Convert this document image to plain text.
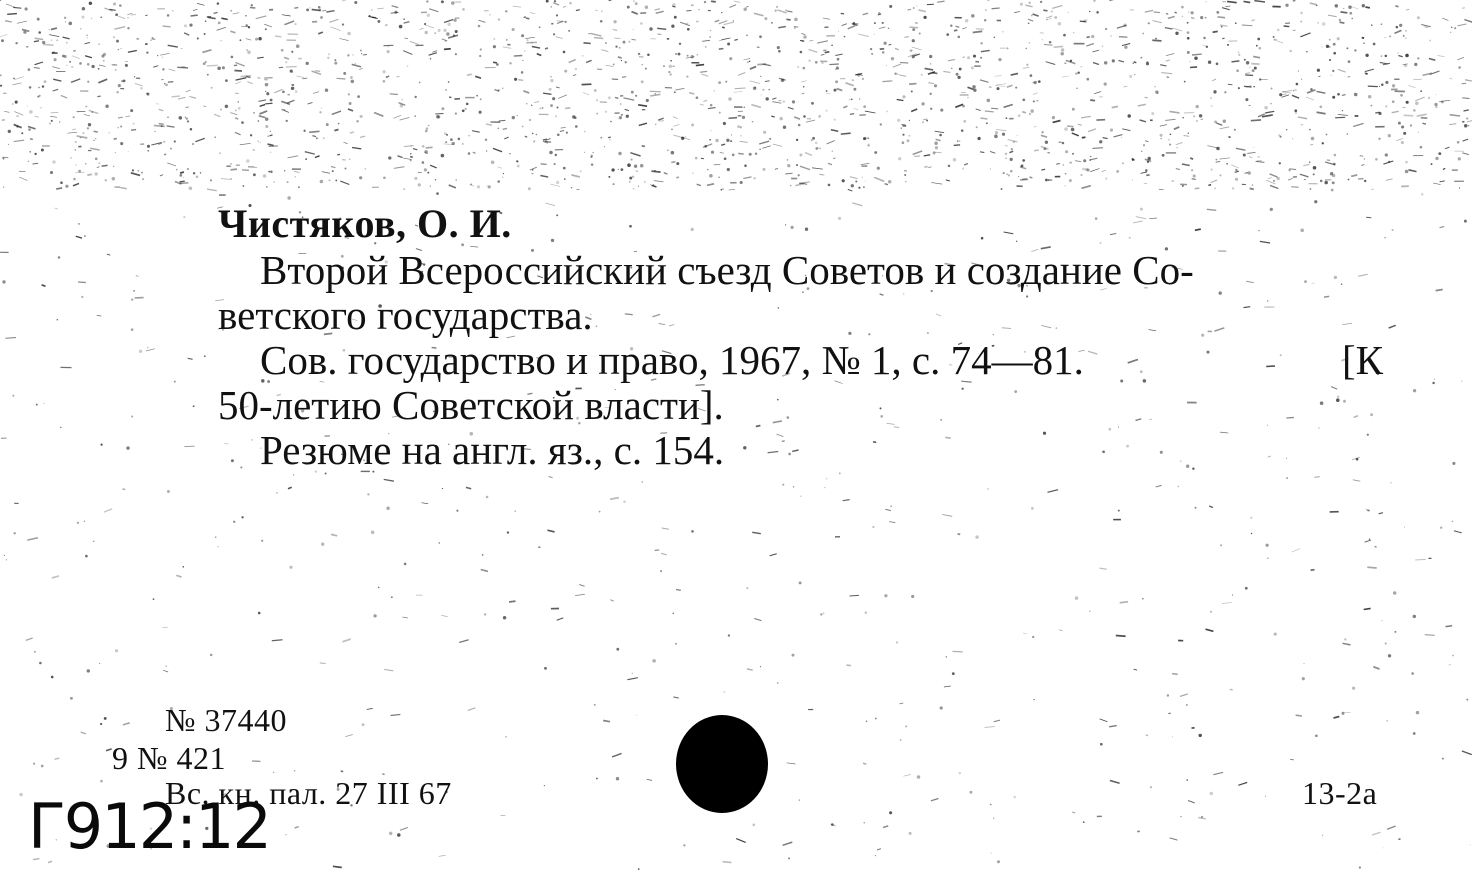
Чистяков, О. И.
Второй Всероссийский съезд Советов и создание Со-
ветского государства.
Сов. государство и право, 1967, № 1, с. 74—81.	[К
50-летию Советской власти].
Резюме на англ. яз., с. 154.
№ 37440
9 № 421
Вс. кн. пал. 27 III 67	13-2а
Г912:12
